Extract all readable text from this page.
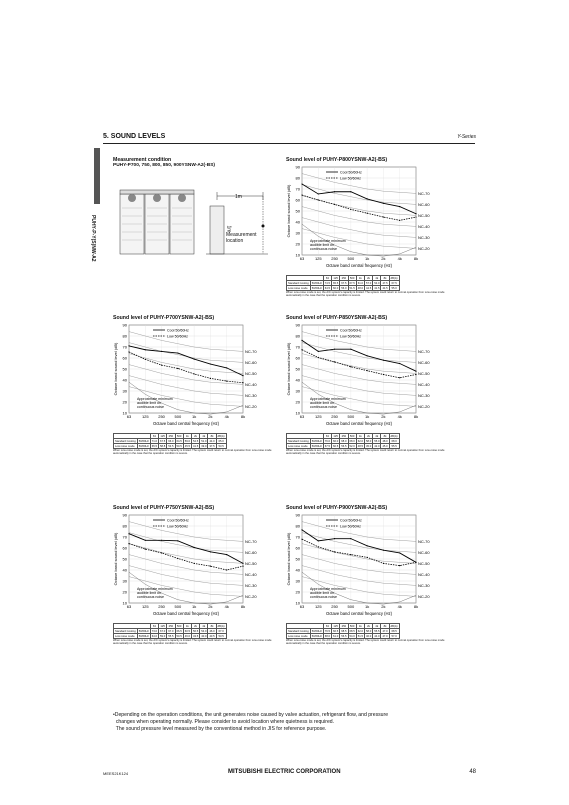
5. SOUND LEVELS	Y-Series
PUHY-P-Y(S)NW-A2
Measurement condition
PUHY-P700, 750, 800, 850, 900YSNW-A2(-BS)
1m
1m
Measurement
location
Sound level of PUHY-P800YSNW-A2(-BS)
10
20
30
40
50
60
70
80
90
63	125 250 500	1k	2k	4k	8k
NC-70
NC-60
NC-50
NC-40
NC-30
NC-20
Cool 50/60Hz
Low 50/60Hz
Approximate minimum
audible limit on
continuous noise
Octave band central frequency (Hz)
Octave band sound level (dB)
		63	125	250	500	1k	2k	4k	8k	dB(A)
Standard Cooling	50/60Hz	74.5	65.5	67.5	67.5	61.0	57.0	54.0	47.5	67.5
Low noise mode	50/60Hz	64.5	60.0	56.0	51.5	48.0	44.5	41.5	44.5	55.0
When Low-noise mode is set, the A/C system's capacity is limited. The system could return to normal operation from Low-noise mode automatically in the case that the operation condition is severe.
Sound level of PUHY-P700YSNW-A2(-BS)
10
20
30
40
50
60
70
80
90
63	125 250 500	1k	2k	4k	8k
NC-70
NC-60
NC-50
NC-40
NC-30
NC-20
Cool 50/60Hz
Low 50/60Hz
Approximate minimum
audible limit on
continuous noise
Octave band central frequency (Hz)
Octave band sound level (dB)
		63	125	250	500	1k	2k	4k	8k	dB(A)
Standard Cooling	50/60Hz	71.0	67.5	66.0	64.5	59.0	54.5	51.0	44.0	65.0
Low noise mode	50/60Hz	65.5	58.8	53.5	50.5	45.5	41.5	39.0	37.5	53.5
When Low-noise mode is set, the A/C system's capacity is limited. The system could return to normal operation from Low-noise mode automatically in the case that the operation condition is severe.
Sound level of PUHY-P850YSNW-A2(-BS)
10
20
30
40
50
60
70
80
90
63	125 250 500	1k	2k	4k	8k
NC-70
NC-60
NC-50
NC-40
NC-30
NC-20
Cool 50/60Hz
Low 50/60Hz
Approximate minimum
audible limit on
continuous noise
Octave band central frequency (Hz)
Octave band sound level (dB)
		63	125	250	500	1k	2k	4k	8k	dB(A)
Standard Cooling	50/60Hz	76.0	66.0	68.0	68.0	62.0	58.0	55.0	48.0	68.0
Low noise mode	50/60Hz	67.5	60.5	56.5	52.0	48.5	45.0	42.0	45.0	55.5
When Low-noise mode is set, the A/C system's capacity is limited. The system could return to normal operation from Low-noise mode automatically in the case that the operation condition is severe.
Sound level of PUHY-P750YSNW-A2(-BS)
10
20
30
40
50
60
70
80
90
63	125 250 500	1k	2k	4k	8k
NC-70
NC-60
NC-50
NC-40
NC-30
NC-20
Cool 50/60Hz
Low 50/60Hz
Approximate minimum
audible limit on
continuous noise
Octave band central frequency (Hz)
Octave band sound level (dB)
		63	125	250	500	1k	2k	4k	8k	dB(A)
Standard Cooling	50/60Hz	73.0	67.0	67.0	66.5	60.5	56.5	54.0	46.0	67.0
Low noise mode	50/60Hz	64.0	59.0	55.5	50.5	46.0	43.5	40.0	43.5	53.5
When Low-noise mode is set, the A/C system's capacity is limited. The system could return to normal operation from Low-noise mode automatically in the case that the operation condition is severe.
Sound level of PUHY-P900YSNW-A2(-BS)
10
20
30
40
50
60
70
80
90
63	125 250 500	1k	2k	4k	8k
NC-70
NC-60
NC-50
NC-40
NC-30
NC-20
Cool 50/60Hz
Low 50/60Hz
Approximate minimum
audible limit on
continuous noise
Octave band central frequency (Hz)
Octave band sound level (dB)
		63	125	250	500	1k	2k	4k	8k	dB(A)
Standard Cooling	50/60Hz	76.5	66.5	68.5	68.5	62.0	58.0	55.5	47.0	68.5
Low noise mode	50/60Hz	68.0	61.0	56.5	54.0	51.5	46.0	44.0	47.0	57.0
When Low-noise mode is set, the A/C system's capacity is limited. The system could return to normal operation from Low-noise mode automatically in the case that the operation condition is severe.

•Depending on the operation conditions, the unit generates noise caused by valve actuation, refrigerant flow, and pressure

changes when operating normally. Please consider to avoid location where quietness is required.

The sound pressure level measured by the conventional method in JIS for reference purpose.

MEES21K124	MITSUBISHI ELECTRIC CORPORATION	48
